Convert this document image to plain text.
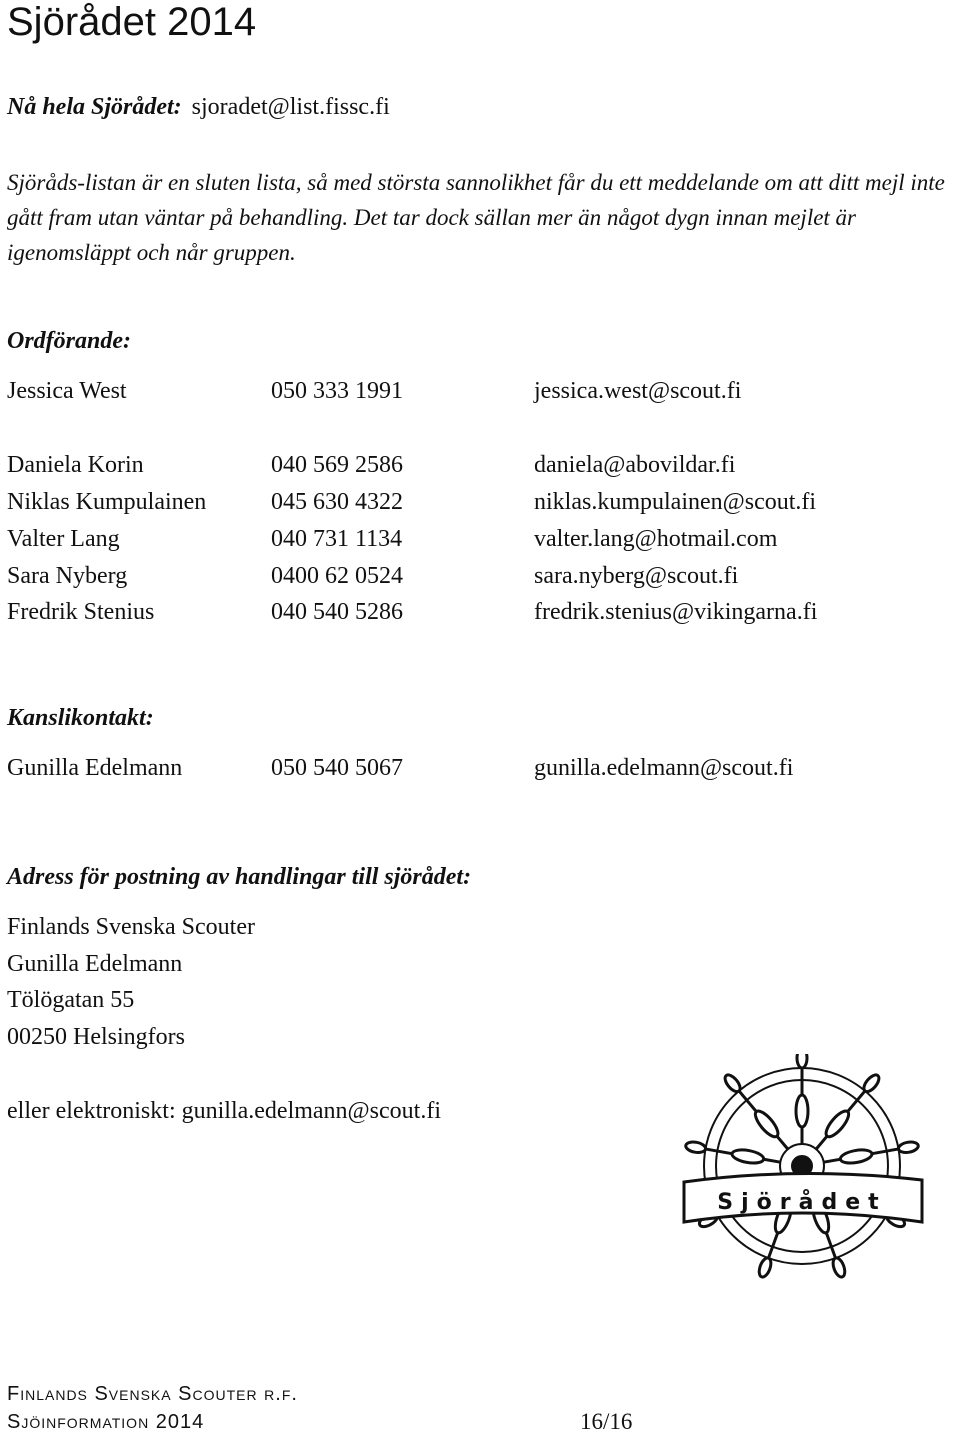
Sjörådet 2014
Nå hela Sjörådet: sjoradet@list.fissc.fi
Sjöråds-listan är en sluten lista, så med största sannolikhet får du ett meddelande om att ditt mejl inte gått fram utan väntar på behandling. Det tar dock sällan mer än något dygn innan mejlet är igenomsläppt och når gruppen.
Ordförande:
Jessica West	050 333 1991	jessica.west@scout.fi
Daniela Korin	040 569 2586	daniela@abovildar.fi
Niklas Kumpulainen	045 630 4322	niklas.kumpulainen@scout.fi
Valter Lang	040 731 1134	valter.lang@hotmail.com
Sara Nyberg	0400 62 0524	sara.nyberg@scout.fi
Fredrik Stenius	040 540 5286	fredrik.stenius@vikingarna.fi
Kanslikontakt:
Gunilla Edelmann	050 540 5067	gunilla.edelmann@scout.fi
Adress för postning av handlingar till sjörådet:
Finlands Svenska Scouter
Gunilla Edelmann
Tölögatan 55
00250 Helsingfors
eller elektroniskt: gunilla.edelmann@scout.fi
Sjörådet
Finlands Svenska Scouter r.f.
Sjöinformation 2014	16/16
